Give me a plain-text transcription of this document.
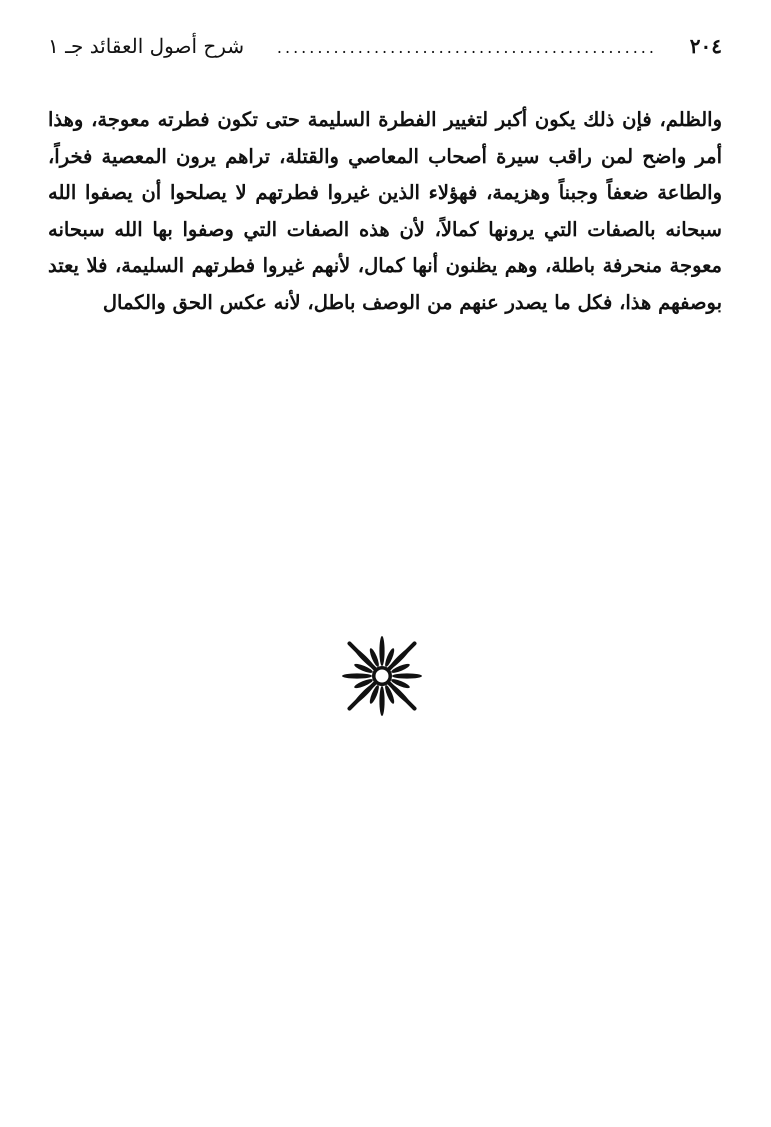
٢٠٤
...............................................
شرح أصول العقائد جـ ١
والظلم، فإن ذلك يكون أكبر لتغيير الفطرة السليمة حتى تكون فطرته معوجة، وهذا
أمر واضح لمن راقب سيرة أصحاب المعاصي والقتلة، تراهم يرون المعصية فخراً،
والطاعة ضعفاً وجبناً وهزيمة، فهؤلاء الذين غيروا فطرتهم لا يصلحوا أن يصفوا الله
سبحانه بالصفات التي يرونها كمالاً، لأن هذه الصفات التي وصفوا بها الله سبحانه
معوجة منحرفة باطلة، وهم يظنون أنها كمال، لأنهم غيروا فطرتهم السليمة، فلا يعتد
بوصفهم هذا، فكل ما يصدر عنهم من الوصف باطل، لأنه عكس الحق والكمال
